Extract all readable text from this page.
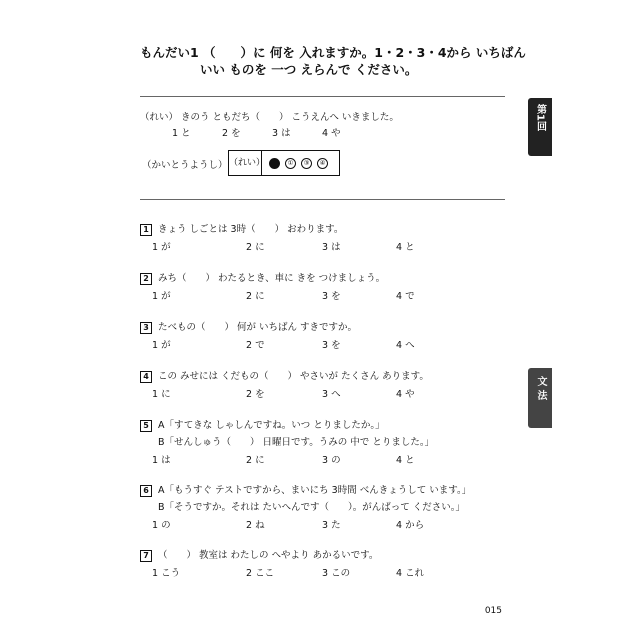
もんだい1 （　　）に 何を 入れますか。1・2・3・4から いちばん
いい ものを 一つ えらんで ください。
（れい） きのう ともだち（　　） こうえんへ いきました。
1 と	2 を	3 は	4 や
（かいとうようし） （れい）	①	③	④
1 きょう しごとは 3時（　　） おわります。
1 が	2 に	3 は	4 と
2 みち（　　） わたるとき、車に きを つけましょう。
1 が	2 に	3 を	4 で
3 たべもの（　　） 何が いちばん すきですか。
1 が	2 で	3 を	4 へ
4 この みせには くだもの（　　） やさいが たくさん あります。
1 に	2 を	3 へ	4 や
5 A「すてきな しゃしんですね。いつ とりましたか。」
B「せんしゅう（　　） 日曜日です。うみの 中で とりました。」
1 は	2 に	3 の	4 と
6 A「もうすぐ テストですから、まいにち 3時間 べんきょうして います。」
B「そうですか。それは たいへんです（　　）。がんばって ください。」
1 の	2 ね	3 た	4 から
7 （　　） 教室は わたしの へやより あかるいです。
1 こう	2 ここ	3 この	4 これ
第1回
文法
015
